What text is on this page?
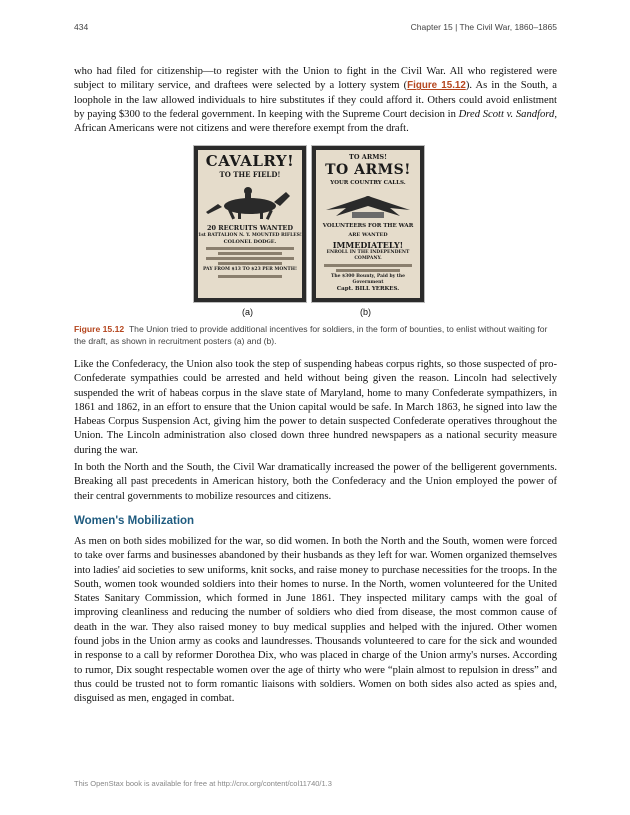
434	Chapter 15 | The Civil War, 1860–1865

who had filed for citizenship—to register with the Union to fight in the Civil War. All who registered were subject to military service, and draftees were selected by a lottery system (Figure 15.12). As in the South, a loophole in the law allowed individuals to hire substitutes if they could afford it. Others could avoid enlistment by paying $300 to the federal government. In keeping with the Supreme Court decision in Dred Scott v. Sandford, African Americans were not citizens and were therefore exempt from the draft.

CAVALRY!
TO THE FIELD!
20 RECRUITS WANTED
1st BATTALION N. Y. MOUNTED RIFLES!
COLONEL DODGE.
PAY FROM $13 TO $23 PER MONTH!
TO ARMS!
TO ARMS!
YOUR COUNTRY CALLS.
VOLUNTEERS FOR THE WAR
ARE WANTED
IMMEDIATELY!
ENROLL IN THE INDEPENDENT COMPANY.
The $300 Bounty, Paid by the Government
Capt. BILL YERKES.
(a)	(b)

Figure 15.12 The Union tried to provide additional incentives for soldiers, in the form of bounties, to enlist without waiting for the draft, as shown in recruitment posters (a) and (b).

Like the Confederacy, the Union also took the step of suspending habeas corpus rights, so those suspected of pro-Confederate sympathies could be arrested and held without being given the reason. Lincoln had selectively suspended the writ of habeas corpus in the slave state of Maryland, home to many Confederate sympathizers, in 1861 and 1862, in an effort to ensure that the Union capital would be safe. In March 1863, he signed into law the Habeas Corpus Suspension Act, giving him the power to detain suspected Confederate operatives throughout the Union. The Lincoln administration also closed down three hundred newspapers as a national security measure during the war.

In both the North and the South, the Civil War dramatically increased the power of the belligerent governments. Breaking all past precedents in American history, both the Confederacy and the Union employed the power of their central governments to mobilize resources and citizens.

Women's Mobilization

As men on both sides mobilized for the war, so did women. In both the North and the South, women were forced to take over farms and businesses abandoned by their husbands as they left for war. Women organized themselves into ladies' aid societies to sew uniforms, knit socks, and raise money to purchase necessities for the troops. In the South, women took wounded soldiers into their homes to nurse. In the North, women volunteered for the United States Sanitary Commission, which formed in June 1861. They inspected military camps with the goal of improving cleanliness and reducing the number of soldiers who died from disease, the most common cause of death in the war. They also raised money to buy medical supplies and helped with the injured. Other women found jobs in the Union army as cooks and laundresses. Thousands volunteered to care for the sick and wounded in response to a call by reformer Dorothea Dix, who was placed in charge of the Union army's nurses. According to rumor, Dix sought respectable women over the age of thirty who were “plain almost to repulsion in dress” and thus could be trusted not to form romantic liaisons with soldiers. Women on both sides also acted as spies and, disguised as men, engaged in combat.

This OpenStax book is available for free at http://cnx.org/content/col11740/1.3
